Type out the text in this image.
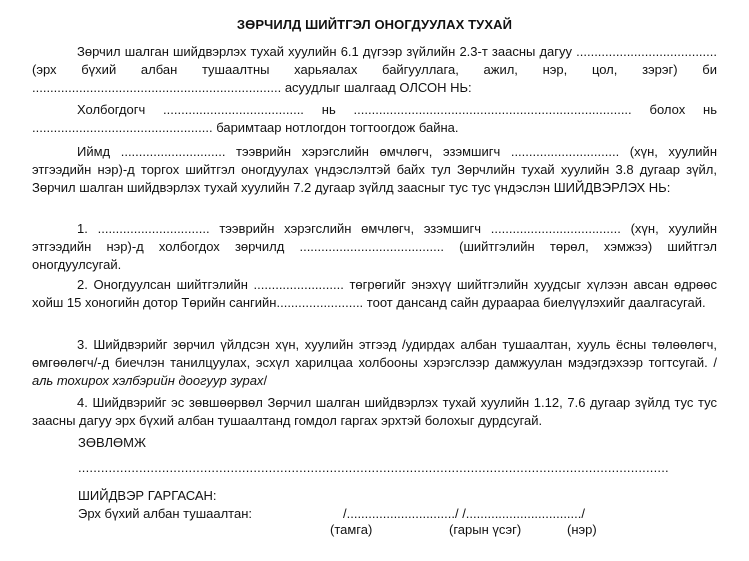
ЗӨРЧИЛД ШИЙТГЭЛ ОНОГДУУЛАХ ТУХАЙ
Зөрчил шалган шийдвэрлэх тухай хуулийн 6.1 дүгээр зүйлийн 2.3-т заасны дагуу ....................................... (эрх бүхий албан тушаалтны харьяалах байгууллага, ажил, нэр, цол, зэрэг) би ..................................................................... асуудлыг шалгаад ОЛСОН НЬ:
Холбогдогч ....................................... нь ............................................................................. болох нь .................................................. баримтаар нотлогдон тогтоогдож байна.
Иймд ............................. тээврийн хэрэгслийн өмчлөгч, эзэмшигч .............................. (хүн, хуулийн этгээдийн нэр)-д торгох шийтгэл оногдуулах үндэслэлтэй байх тул Зөрчлийн тухай хуулийн 3.8 дугаар зүйл, Зөрчил шалган шийдвэрлэх тухай хуулийн 7.2 дугаар зүйлд заасныг тус тус үндэслэн ШИЙДВЭРЛЭХ НЬ:
1. ............................... тээврийн хэрэгслийн өмчлөгч, эзэмшигч .................................... (хүн, хуулийн этгээдийн нэр)-д холбогдох зөрчилд ........................................ (шийтгэлийн төрөл, хэмжээ) шийтгэл оногдуулсугай.
2. Оногдуулсан шийтгэлийн ......................... төгрөгийг энэхүү шийтгэлийн хуудсыг хүлээн авсан өдрөөс хойш 15 хоногийн дотор Төрийн сангийн........................ тоот дансанд сайн дураараа биелүүлэхийг даалгасугай.
3. Шийдвэрийг зөрчил үйлдсэн хүн, хуулийн этгээд /удирдах албан тушаалтан, хууль ёсны төлөөлөгч, өмгөөлөгч/-д биечлэн танилцуулах, эсхүл харилцаа холбооны хэрэгслээр дамжуулан мэдэгдэхээр тогтсугай. /аль тохирох хэлбэрийн доогуур зурах/
4. Шийдвэрийг эс зөвшөөрвөл Зөрчил шалган шийдвэрлэх тухай хуулийн 1.12, 7.6 дугаар зүйлд тус тус заасны дагуу эрх бүхий албан тушаалтанд гомдол гаргах эрхтэй болохыг дурдсугай.
ЗӨВЛӨМЖ
...........................................................................................................................................................
ШИЙДВЭР ГАРГАСАН:
Эрх бүхий албан тушаалтан:	/............................../ /................................/
(тамга)	(гарын үсэг)	(нэр)
